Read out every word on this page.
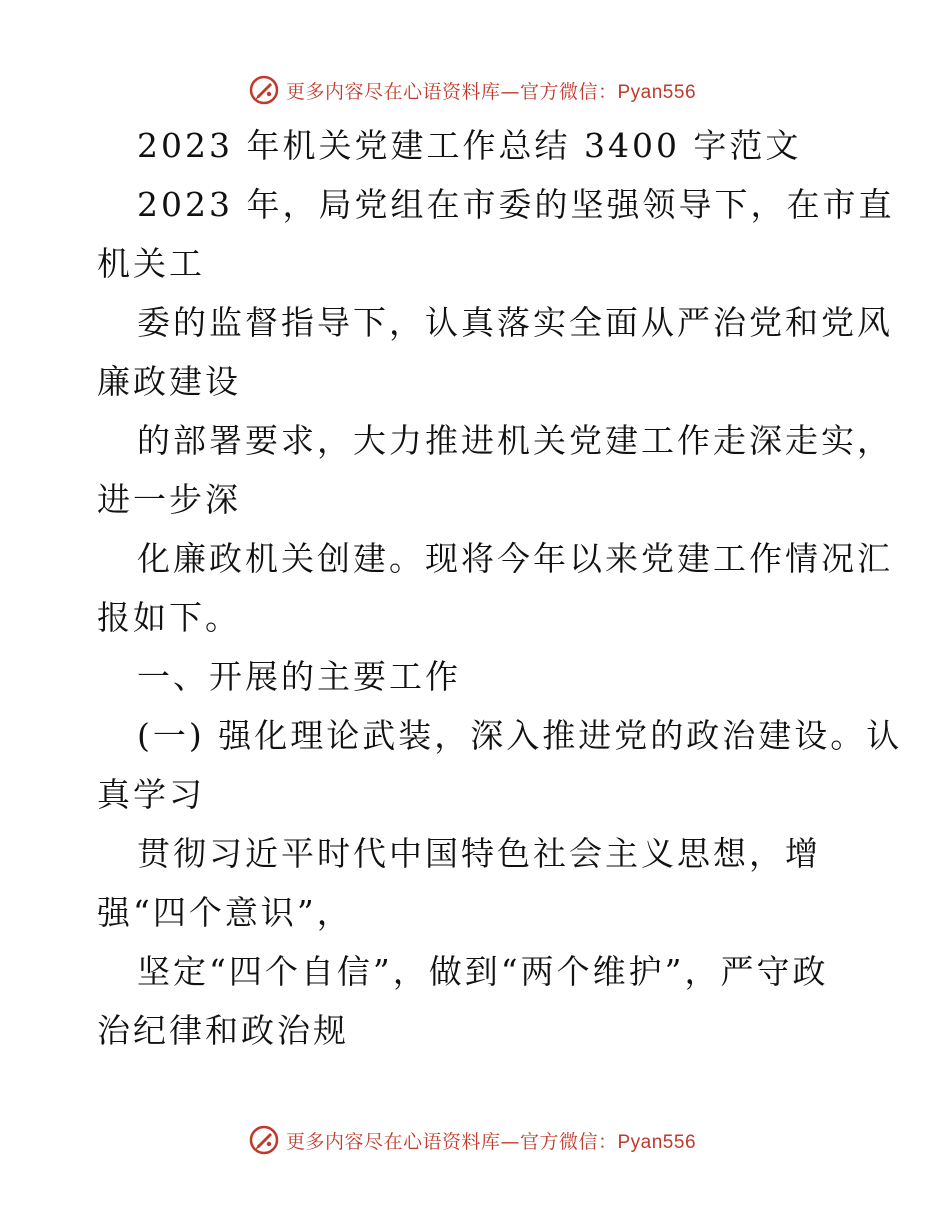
更多内容尽在心语资料库—官方微信：Pyan556
2023 年机关党建工作总结 3400 字范文
2023 年，局党组在市委的坚强领导下，在市直
机关工
委的监督指导下，认真落实全面从严治党和党风
廉政建设
的部署要求，大力推进机关党建工作走深走实，
进一步深
化廉政机关创建。现将今年以来党建工作情况汇
报如下。
一、开展的主要工作
(一) 强化理论武装，深入推进党的政治建设。认
真学习
贯彻习近平时代中国特色社会主义思想，增
强“四个意识”，
坚定“四个自信”，做到“两个维护”，严守政
治纪律和政治规
更多内容尽在心语资料库—官方微信：Pyan556
